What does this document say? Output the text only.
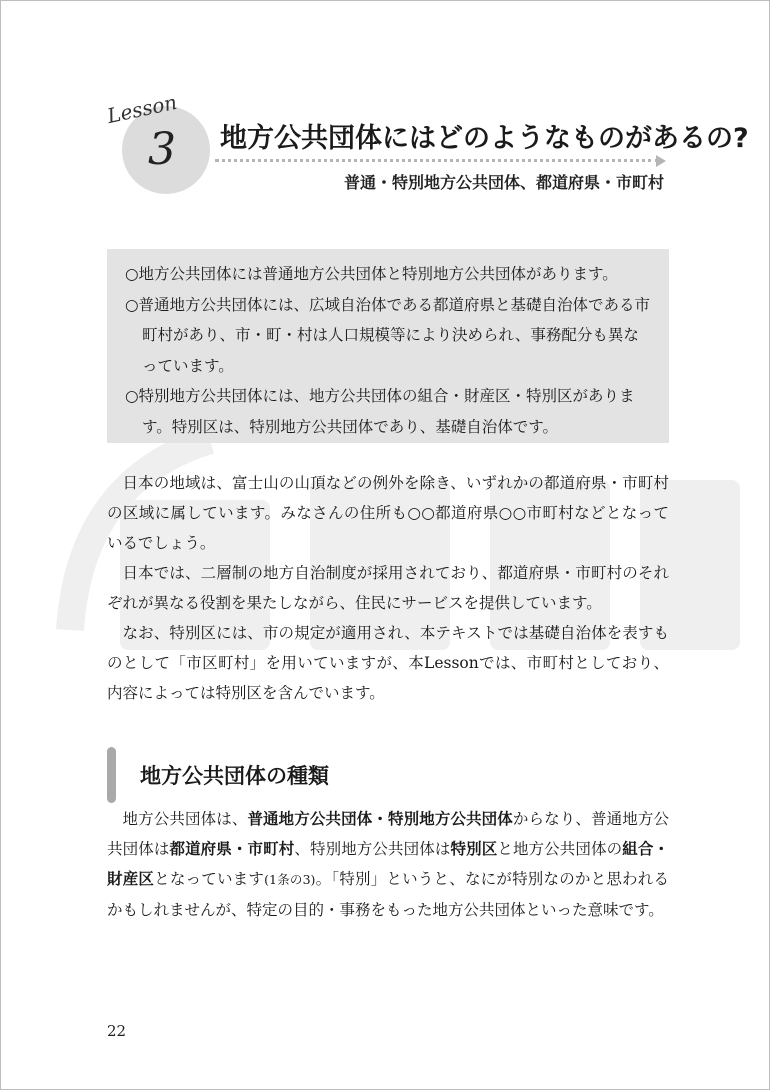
Lesson
3 地方公共団体にはどのようなものがあるの?
普通・特別地方公共団体、都道府県・市町村

○地方公共団体には普通地方公共団体と特別地方公共団体があります。

○普通地方公共団体には、広域自治体である都道府県と基礎自治体である市町村があり、市・町・村は人口規模等により決められ、事務配分も異なっています。

○特別地方公共団体には、地方公共団体の組合・財産区・特別区があります。特別区は、特別地方公共団体であり、基礎自治体です。

日本の地域は、富士山の山頂などの例外を除き、いずれかの都道府県・市町村の区域に属しています。みなさんの住所も○○都道府県○○市町村などとなっているでしょう。

日本では、二層制の地方自治制度が採用されており、都道府県・市町村のそれぞれが異なる役割を果たしながら、住民にサービスを提供しています。

なお、特別区には、市の規定が適用され、本テキストでは基礎自治体を表すものとして「市区町村」を用いていますが、本Lessonでは、市町村としており、内容によっては特別区を含んでいます。

地方公共団体の種類

地方公共団体は、普通地方公共団体・特別地方公共団体からなり、普通地方公共団体は都道府県・市町村、特別地方公共団体は特別区と地方公共団体の組合・財産区となっています(1条の3)。「特別」というと、なにが特別なのかと思われるかもしれませんが、特定の目的・事務をもった地方公共団体といった意味です。

22
